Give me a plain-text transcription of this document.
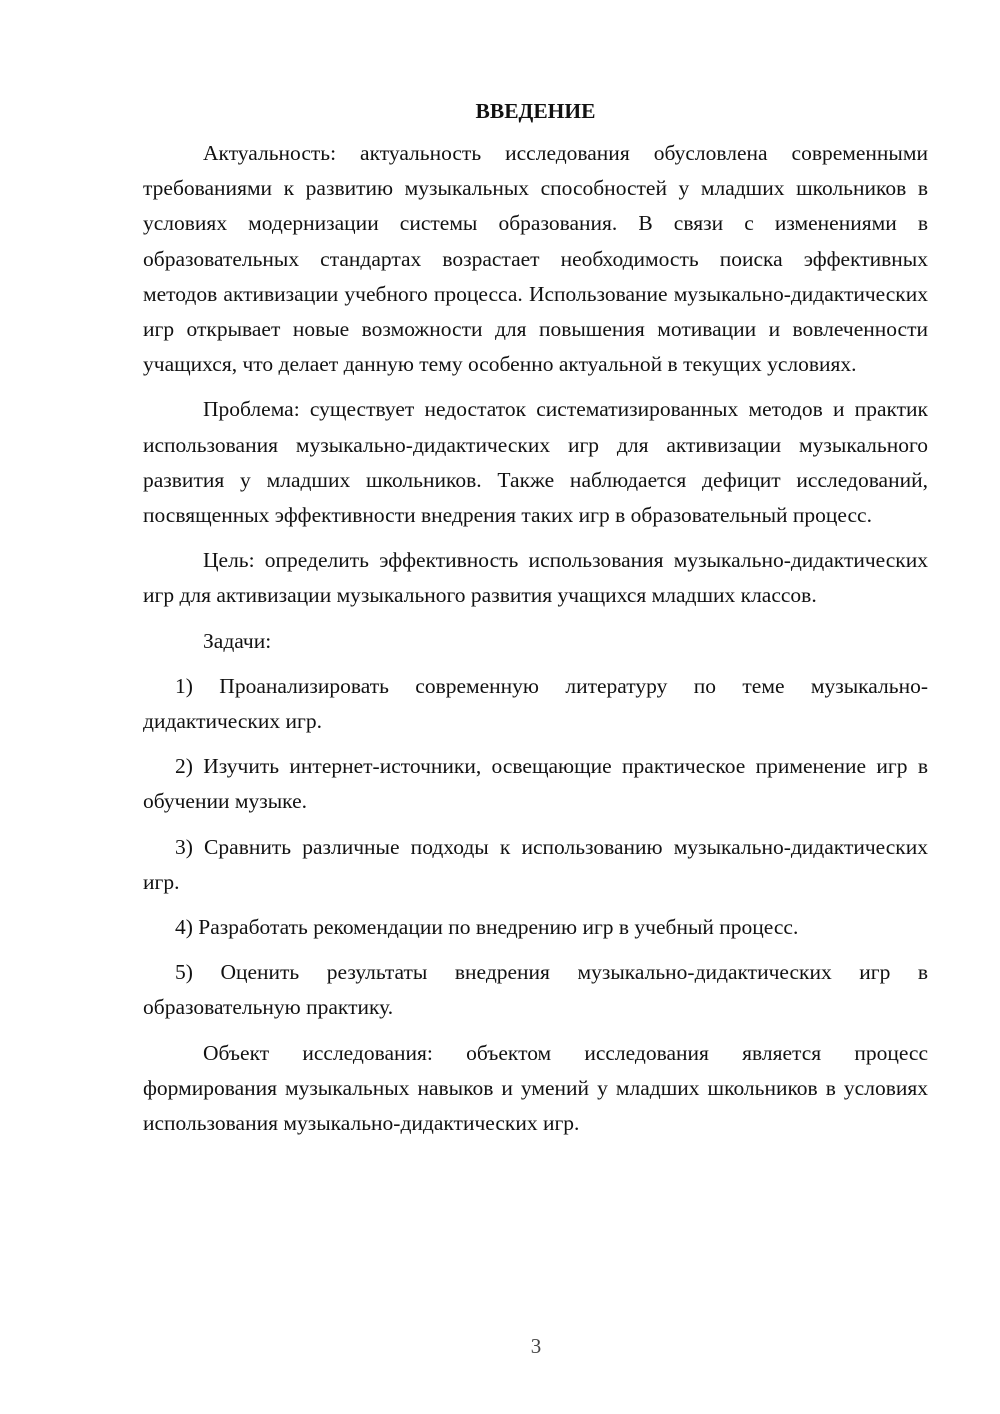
ВВЕДЕНИЕ

Актуальность: актуальность исследования обусловлена современными требованиями к развитию музыкальных способностей у младших школьников в условиях модернизации системы образования. В связи с изменениями в образовательных стандартах возрастает необходимость поиска эффективных методов активизации учебного процесса. Использование музыкально-дидактических игр открывает новые возможности для повышения мотивации и вовлеченности учащихся, что делает данную тему особенно актуальной в текущих условиях.

Проблема: существует недостаток систематизированных методов и практик использования музыкально-дидактических игр для активизации музыкального развития у младших школьников. Также наблюдается дефицит исследований, посвященных эффективности внедрения таких игр в образовательный процесс.

Цель: определить эффективность использования музыкально-дидактических игр для активизации музыкального развития учащихся младших классов.

Задачи:

1) Проанализировать современную литературу по теме музыкально-дидактических игр.

2) Изучить интернет-источники, освещающие практическое применение игр в обучении музыке.

3) Сравнить различные подходы к использованию музыкально-дидактических игр.

4) Разработать рекомендации по внедрению игр в учебный процесс.

5) Оценить результаты внедрения музыкально-дидактических игр в образовательную практику.

Объект исследования: объектом исследования является процесс формирования музыкальных навыков и умений у младших школьников в условиях использования музыкально-дидактических игр.

3
